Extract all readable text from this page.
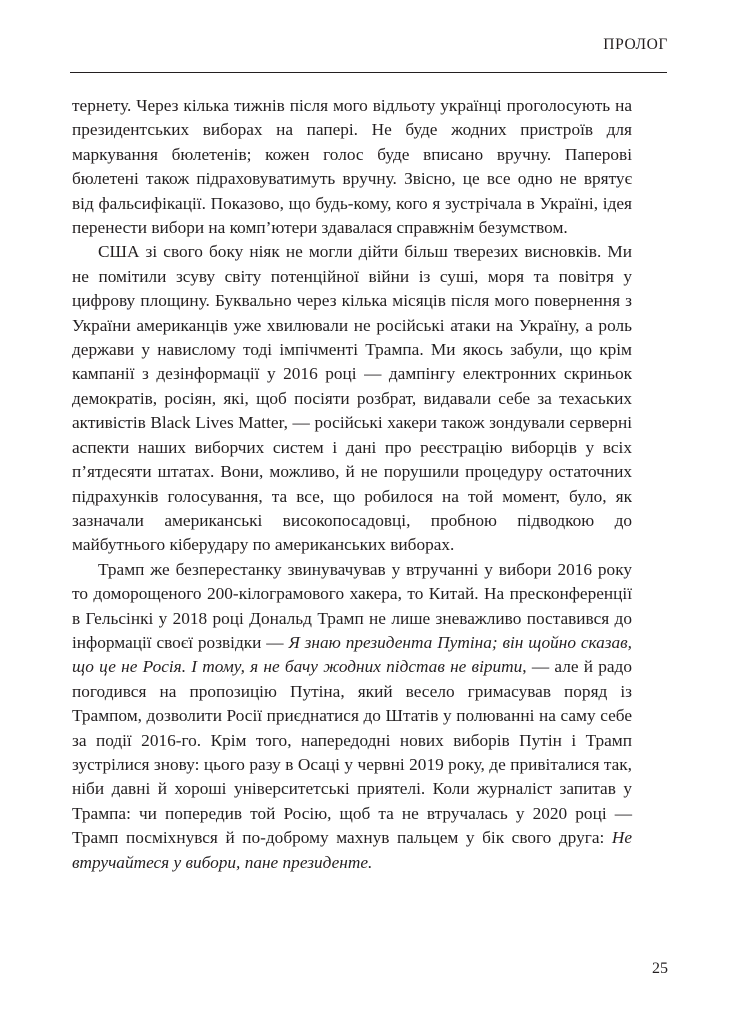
ПРОЛОГ

тернету. Через кілька тижнів після мого відльоту українці проголосують на президентських виборах на папері. Не буде жодних пристроїв для маркування бюлетенів; кожен голос буде вписано вручну. Паперові бюлетені також підраховуватимуть вручну. Звісно, це все одно не врятує від фальсифікації. Показово, що будь-кому, кого я зустрічала в Україні, ідея перенести вибори на комп’ютери здавалася справжнім безумством.

США зі свого боку ніяк не могли дійти більш тверезих висновків. Ми не помітили зсуву світу потенційної війни із суші, моря та повітря у цифрову площину. Буквально через кілька місяців після мого повернення з України американців уже хвилювали не російські атаки на Україну, а роль держави у навислому тоді імпічменті Трампа. Ми якось забули, що крім кампанії з дезінформації у 2016 році — дампінгу електронних скриньок демократів, росіян, які, щоб посіяти розбрат, видавали себе за техаських активістів Black Lives Matter, — російські хакери також зондували серверні аспекти наших виборчих систем і дані про реєстрацію виборців у всіх п’ятдесяти штатах. Вони, можливо, й не порушили процедуру остаточних підрахунків голосування, та все, що робилося на той момент, було, як зазначали американські високопосадовці, пробною підводкою до майбутнього кіберудару по американських виборах.

Трамп же безперестанку звинувачував у втручанні у вибори 2016 року то доморощеного 200-кілограмового хакера, то Китай. На пресконференції в Гельсінкі у 2018 році Дональд Трамп не лише зневажливо поставився до інформації своєї розвідки — Я знаю президента Путіна; він щойно сказав, що це не Росія. І тому, я не бачу жодних підстав не вірити, — але й радо погодився на пропозицію Путіна, який весело гримасував поряд із Трампом, дозволити Росії приєднатися до Штатів у полюванні на саму себе за події 2016-го. Крім того, напередодні нових виборів Путін і Трамп зустрілися знову: цього разу в Осаці у червні 2019 року, де привіталися так, ніби давні й хороші університетські приятелі. Коли журналіст запитав у Трампа: чи попередив той Росію, щоб та не втручалась у 2020 році — Трамп посміхнувся й по-доброму махнув пальцем у бік свого друга: Не втручайтеся у вибори, пане президенте.

25
